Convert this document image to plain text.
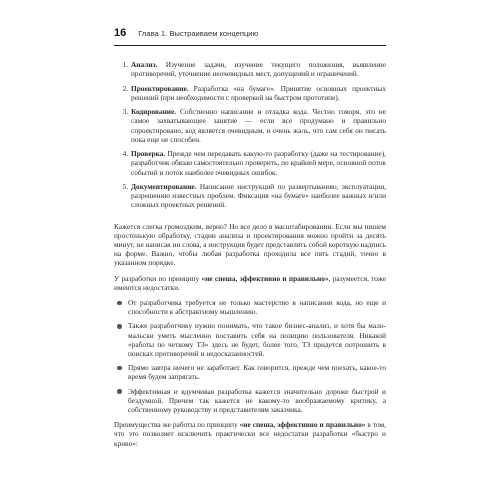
16 Глава 1. Выстраиваем концепцию
1. Анализ. Изучение задачи, изучение текущего положения, выявление противоречий, уточнение неочевидных мест, допущений и ограничений.
2. Проектирование. Разработка «на бумаге». Принятие основных проектных решений (при необходимости с проверкой на быстром прототипе).
3. Кодирование. Собственно написание и отладка кода. Честно говоря, это не самое захватывающее занятие — если все продумано и правильно спроектировано, код является очевидным, и очень жаль, что сам себя он писать пока еще не способен.
4. Проверка. Прежде чем передавать какую-то разработку (даже на тестирование), разработчик обязан самостоятельно проверить, по крайней мере, основной поток событий и поток наиболее очевидных ошибок.
5. Документирование. Написание инструкций по развертыванию, эксплуатации, разрешению известных проблем. Фиксация «на бумаге» наиболее важных и/или сложных проектных решений.

Кажется слегка громоздким, верно? Но все дело в масштабировании. Если мы пишем простенькую обработку, стадии анализа и проектирования можно пройти за десять минут, не написав ни слова, а инструкция будет представлять собой короткую надпись на форме. Важно, чтобы любая разработка проходила все пять стадий, точно в указанном порядке.

У разработки по принципу «не спеша, эффективно и правильно», разумеется, тоже имеются недостатки.

От разработчика требуется не только мастерство в написании кода, но еще и способности к абстрактному мышлению.
Также разработчику нужно понимать, что такое бизнес-анализ, и хотя бы мало-мальски уметь мысленно поставить себя на позицию пользователя. Никакой «работы по четкому ТЗ» здесь не будет, более того, ТЗ придется потрошить в поисках противоречий и недосказанностей.
Прямо завтра ничего не заработает. Как говорится, прежде чем поехать, какое-то время будем запрягать.
Эффективная и вдумчивая разработка кажется значительно дороже быстрой и бездумной. Причем так кажется не какому-то воображаемому критику, а собственному руководству и представителям заказчика.

Преимущества же работы по принципу «не спеша, эффективно и правильно» в том, что это позволяет исключить практически все недостатки разработки «быстро и криво»:
